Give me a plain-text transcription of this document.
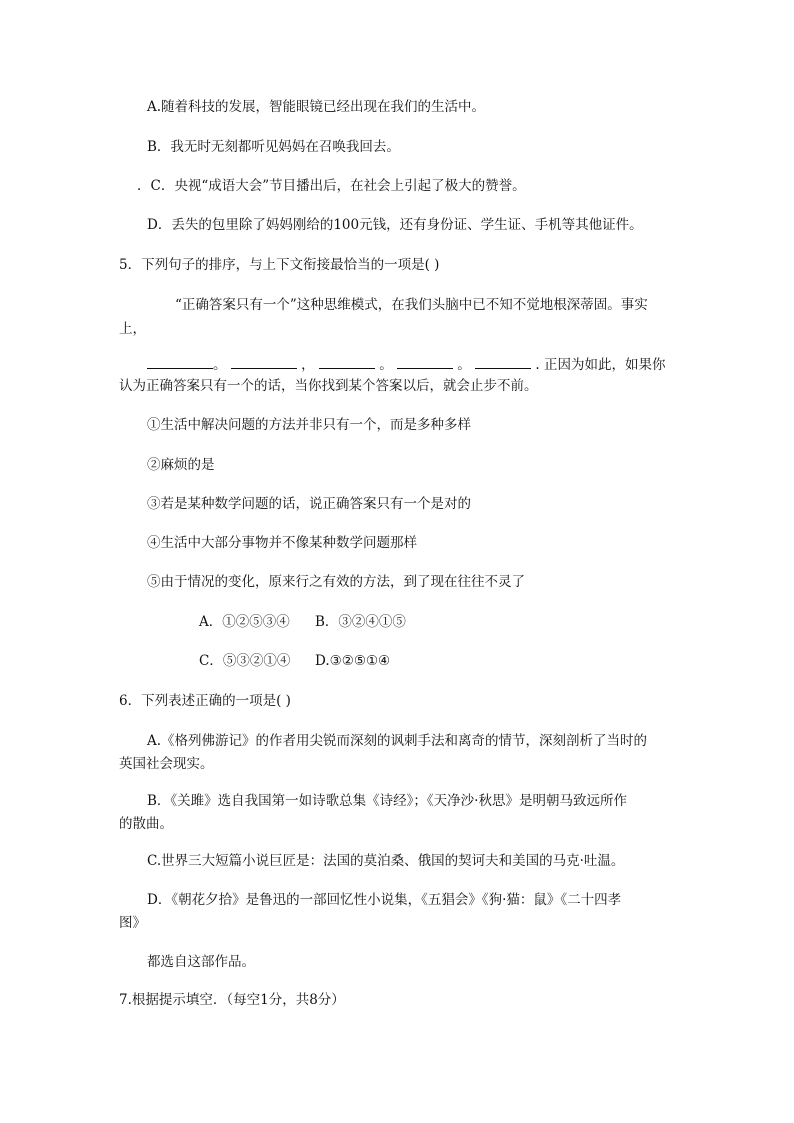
A.随着科技的发展，智能眼镜已经出现在我们的生活中。
B．我无时无刻都听见妈妈在召唤我回去。
．C．央视“成语大会”节目播出后，在社会上引起了极大的赞誉。
D．丢失的包里除了妈妈刚给的100元钱，还有身份证、学生证、手机等其他证件。
5．下列句子的排序，与上下文衔接最恰当的一项是( )
“正确答案只有一个”这种思维模式，在我们头脑中已不知不觉地根深蒂固。事实
上，
。	，	。	。	. 正因为如此，如果你
认为正确答案只有一个的话，当你找到某个答案以后，就会止步不前。
①生活中解决问题的方法并非只有一个，而是多种多样
②麻烦的是
③若是某种数学问题的话，说正确答案只有一个是对的
④生活中大部分事物并不像某种数学问题那样
⑤由于情况的变化，原来行之有效的方法，到了现在往往不灵了
A．①②⑤③④ B．③②④①⑤
C．⑤③②①④ D.③②⑤①④
6．下列表述正确的一项是( )
A.《格列佛游记》的作者用尖锐而深刻的讽刺手法和离奇的情节，深刻剖析了当时的
英国社会现实。
B．《关雎》选自我国第一如诗歌总集《诗经》；《天净沙·秋思》是明朝马致远所作
的散曲。
C.世界三大短篇小说巨匠是：法国的莫泊桑、俄国的契诃夫和美国的马克·吐温。
D．《朝花夕拾》是鲁迅的一部回忆性小说集，《五猖会》《狗·猫：鼠》《二十四孝
图》
都选自这部作品。
7.根据提示填空．（每空1分，共8分）
